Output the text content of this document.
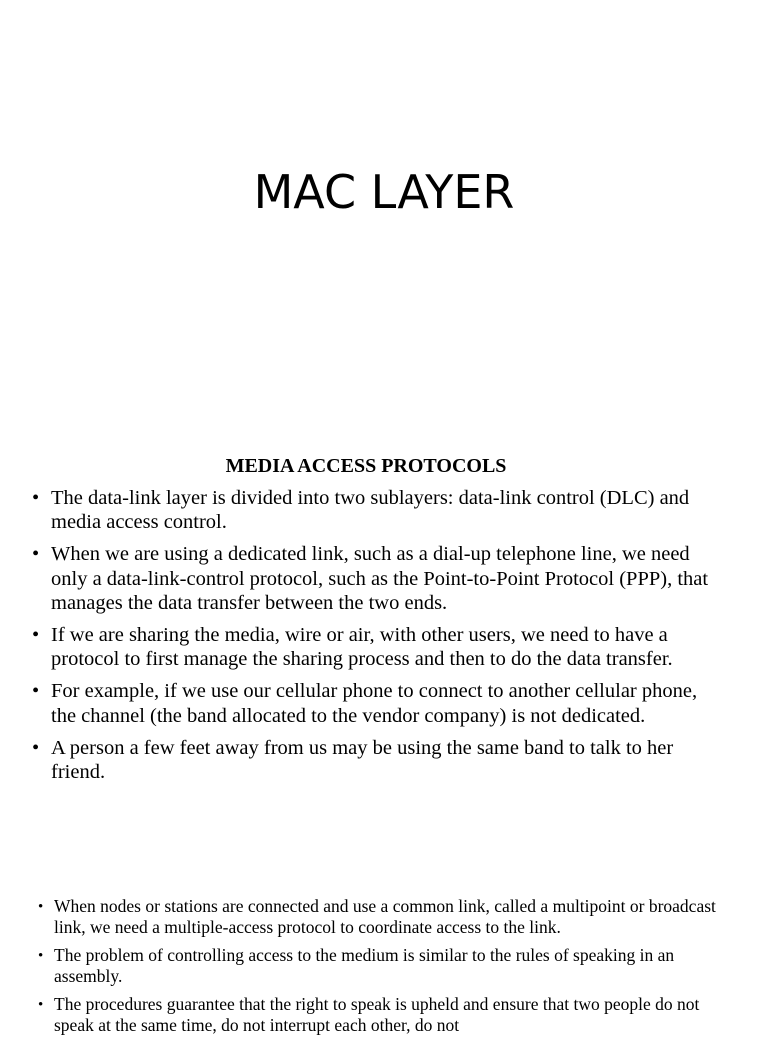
MAC LAYER
MEDIA ACCESS PROTOCOLS
• The data-link layer is divided into two sublayers: data-link control (DLC) and media access control.
• When we are using a dedicated link, such as a dial-up telephone line, we need only a data-link-control protocol, such as the Point-to-Point Protocol (PPP), that manages the data transfer between the two ends.
• If we are sharing the media, wire or air, with other users, we need to have a protocol to first manage the sharing process and then to do the data transfer.
• For example, if we use our cellular phone to connect to another cellular phone, the channel (the band allocated to the vendor company) is not dedicated.
• A person a few feet away from us may be using the same band to talk to her friend.
• When nodes or stations are connected and use a common link, called a multipoint or broadcast link, we need a multiple-access protocol to coordinate access to the link.
• The problem of controlling access to the medium is similar to the rules of speaking in an assembly.
• The procedures guarantee that the right to speak is upheld and ensure that two people do not speak at the same time, do not interrupt each other, do not
